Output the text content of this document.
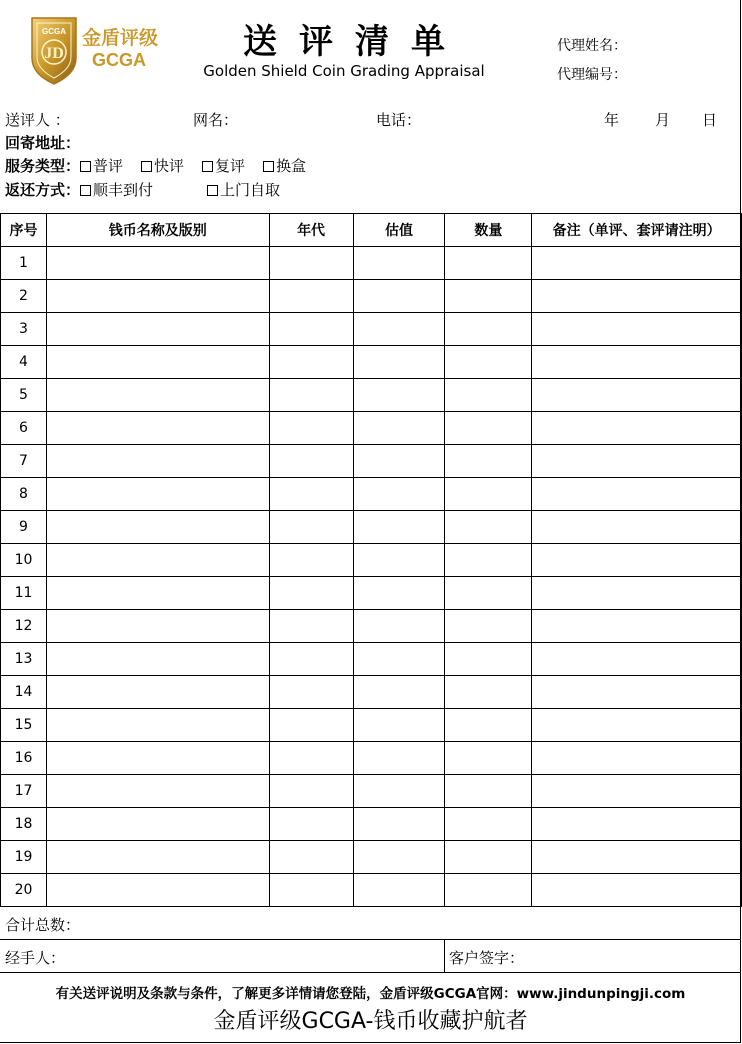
GCGA
JD
金盾评级
GCGA	送评清单
Golden Shield Coin Grading Appraisal
代理姓名：
代理编号：
送评人 ：	网名：	电话：	年 月 日
回寄地址：
服务类型： 普评 快评 复评 换盒
返还方式： 顺丰到付	上门自取
序号	钱币名称及版别	年代	估值	数量	备注（单评、套评请注明）
1					
2					
3					
4					
5					
6					
7					
8					
9					
10					
11					
12					
13					
14					
15					
16					
17					
18					
19					
20					
合计总数：
经手人：	客户签字：
有关送评说明及条款与条件，了解更多详情请您登陆，金盾评级GCGA官网：www.jindunpingji.com
金盾评级GCGA-钱币收藏护航者
